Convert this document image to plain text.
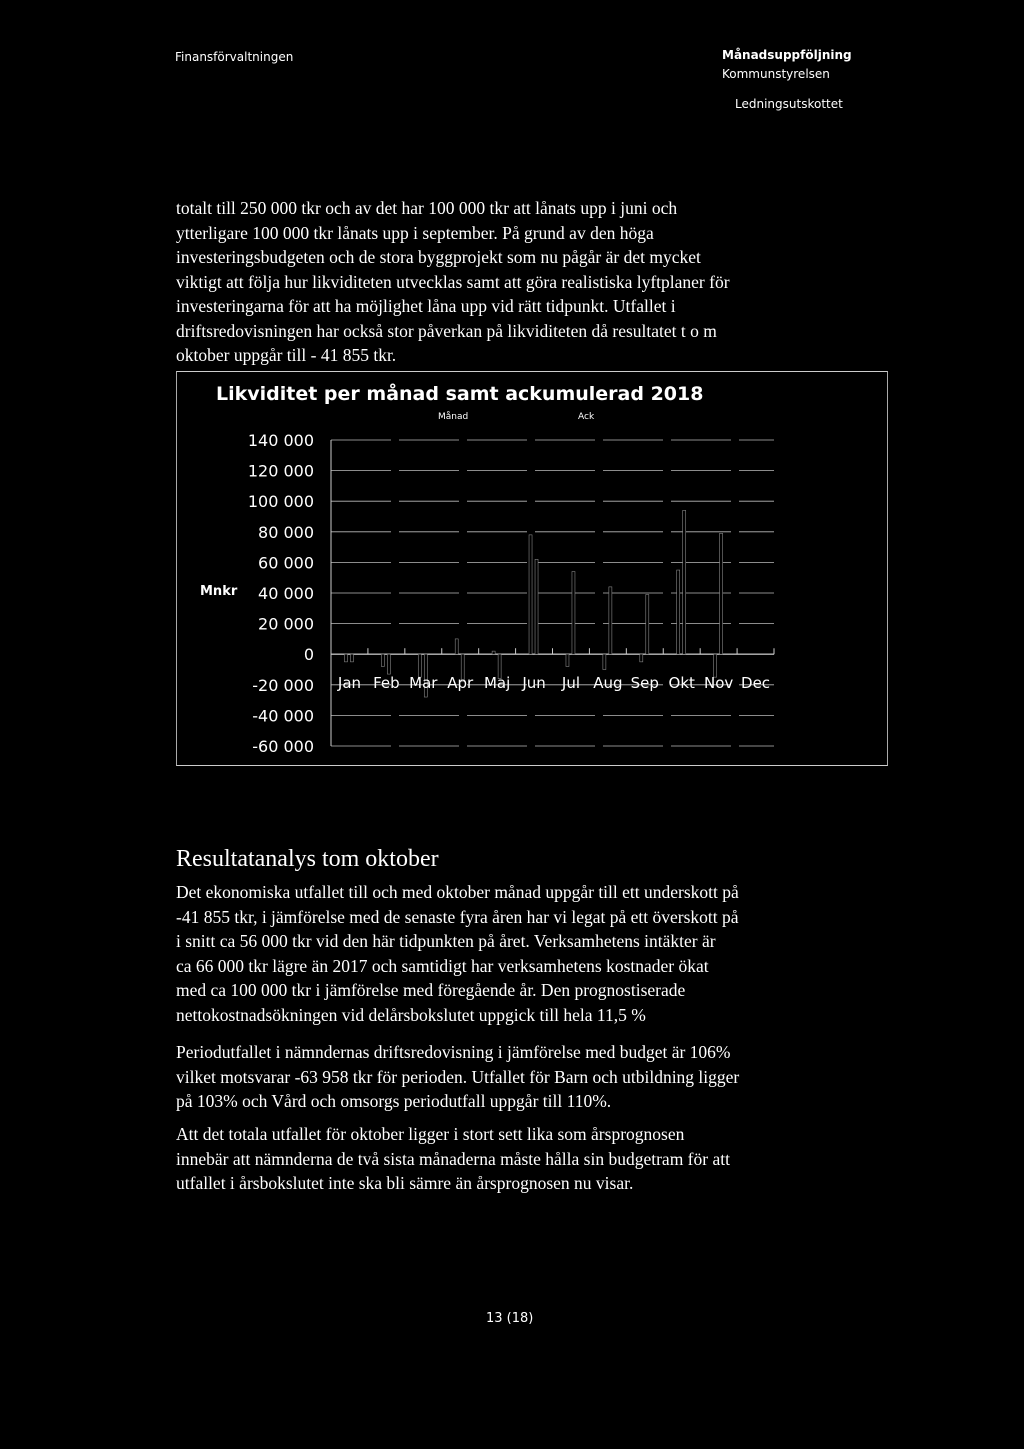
Finansförvaltningen	Månadsuppföljning
Kommunstyrelsen
Ledningsutskottet

totalt till 250 000 tkr och av det har 100 000 tkr att lånats upp i juni och

ytterligare 100 000 tkr lånats upp i september. På grund av den höga

investeringsbudgeten och de stora byggprojekt som nu pågår är det mycket

viktigt att följa hur likviditeten utvecklas samt att göra realistiska lyftplaner för

investeringarna för att ha möjlighet låna upp vid rätt tidpunkt. Utfallet i

driftsredovisningen har också stor påverkan på likviditeten då resultatet t o m

oktober uppgår till - 41 855 tkr.

Likviditet per månad samt ackumulerad 2018
Månad	Ack
Mnkr
140 000
120 000
100 000
80 000
60 000
40 000
20 000
0
-20 000
-40 000
-60 000
Jan Feb Mar Apr Maj Jun Jul Aug Sep Okt Nov Dec
Resultatanalys tom oktober

Det ekonomiska utfallet till och med oktober månad uppgår till ett underskott på

-41 855 tkr, i jämförelse med de senaste fyra åren har vi legat på ett överskott på

i snitt ca 56 000 tkr vid den här tidpunkten på året. Verksamhetens intäkter är

ca 66 000 tkr lägre än 2017 och samtidigt har verksamhetens kostnader ökat

med ca 100 000 tkr i jämförelse med föregående år. Den prognostiserade

nettokostnadsökningen vid delårsbokslutet uppgick till hela 11,5 %

Periodutfallet i nämndernas driftsredovisning i jämförelse med budget är 106%

vilket motsvarar -63 958 tkr för perioden. Utfallet för Barn och utbildning ligger

på 103% och Vård och omsorgs periodutfall uppgår till 110%.

Att det totala utfallet för oktober ligger i stort sett lika som årsprognosen

innebär att nämnderna de två sista månaderna måste hålla sin budgetram för att

utfallet i årsbokslutet inte ska bli sämre än årsprognosen nu visar.

13 (18)
